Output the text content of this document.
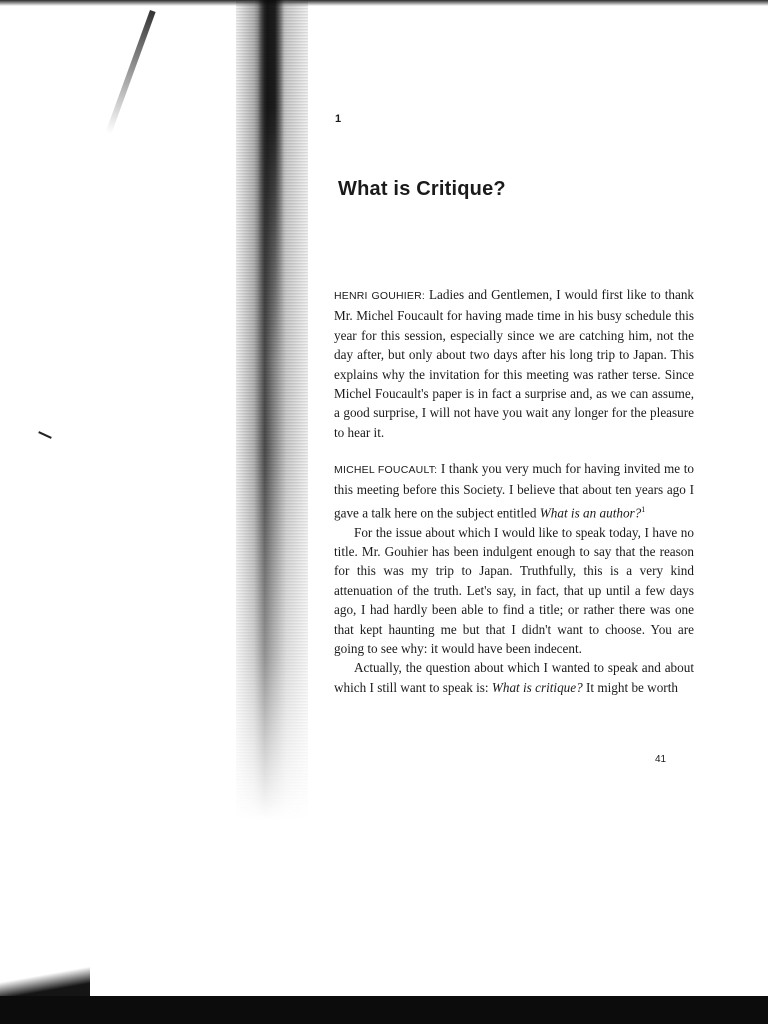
1
What is Critique?

HENRI GOUHIER: Ladies and Gentlemen, I would first like to thank Mr. Michel Foucault for having made time in his busy schedule this year for this session, especially since we are catching him, not the day after, but only about two days after his long trip to Japan. This explains why the invitation for this meeting was rather terse. Since Michel Foucault's paper is in fact a surprise and, as we can assume, a good surprise, I will not have you wait any longer for the pleasure to hear it.

MICHEL FOUCAULT: I thank you very much for having invited me to this meeting before this Society. I believe that about ten years ago I gave a talk here on the subject entitled What is an author?$^1$

For the issue about which I would like to speak today, I have no title. Mr. Gouhier has been indulgent enough to say that the reason for this was my trip to Japan. Truthfully, this is a very kind attenuation of the truth. Let's say, in fact, that up until a few days ago, I had hardly been able to find a title; or rather there was one that kept haunting me but that I didn't want to choose. You are going to see why: it would have been indecent.

Actually, the question about which I wanted to speak and about which I still want to speak is: What is critique? It might be worth

41
